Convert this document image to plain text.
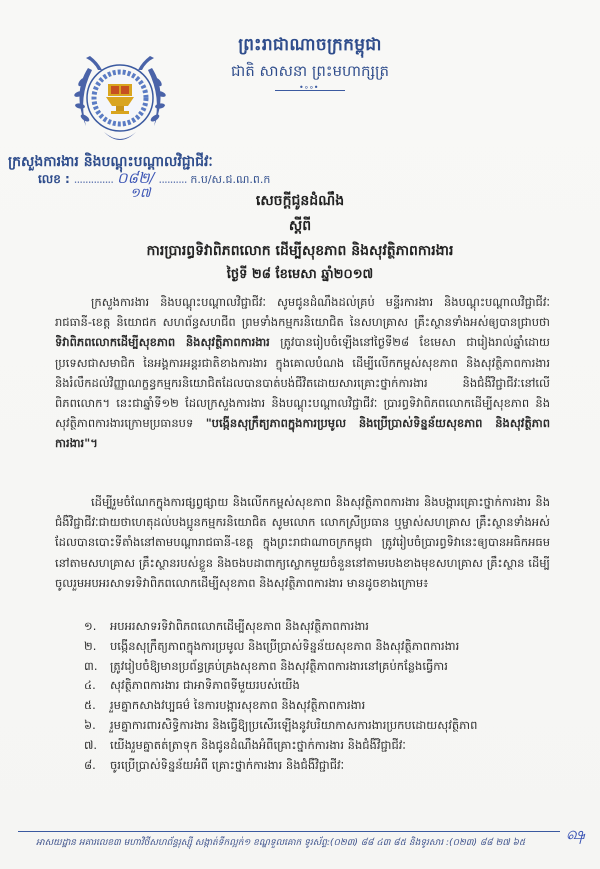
ព្រះរាជាណាចក្រកម្ពុជា
ជាតិ សាសនា ព្រះមហាក្សត្រ
•∘∘•
ក្រសួងការងារ និងបណ្តុះបណ្តាលវិជ្ជាជីវៈ
លេខ : .............. ០៨២/ .......... ក.ប/ស.ជ.ណ.ព.ក
១៧	សេចក្តីជូនដំណឹង
ស្តីពី
ការប្រារព្ធទិវាពិភពលោក ដើម្បីសុខភាព និងសុវត្ថិភាពការងារ
ថ្ងៃទី ២៨ ខែមេសា ឆ្នាំ២០១៧
ក្រសួងការងារ និងបណ្តុះបណ្តាលវិជ្ជាជីវៈ សូមជូនដំណឹងដល់គ្រប់ មន្ទីរការងារ និងបណ្តុះបណ្តាលវិជ្ជាជីវៈ រាជធានី-ខេត្ត និយោជក សហព័ន្ធសហជីព ព្រមទាំងកម្មករនិយោជិត នៃសហគ្រាស គ្រឹះស្ថានទាំងអស់ឲ្យបានជ្រាបថា ទិវាពិភពលោកដើម្បីសុខភាព និងសុវត្ថិភាពការងារ ត្រូវបានរៀបចំឡើងនៅថ្ងៃទី២៨ ខែមេសា ជារៀងរាល់ឆ្នាំដោយប្រទេសជាសមាជិក នៃអង្គការអន្តរជាតិខាងការងារ ក្នុងគោលបំណង ដើម្បីលើកកម្ពស់សុខភាព និងសុវត្ថិភាពការងារ និងរំលឹកដល់វិញ្ញាណក្ខន្ធកម្មករនិយោជិតដែលបានបាត់បង់ជីវិតដោយសារគ្រោះថ្នាក់ការងារ និងជំងឺវិជ្ជាជីវៈនៅលើពិភពលោក។ នេះជាឆ្នាំទី១២ ដែលក្រសួងការងារ និងបណ្តុះបណ្តាលវិជ្ជាជីវៈ ប្រារព្ធទិវាពិភពលោកដើម្បីសុខភាព និងសុវត្ថិភាពការងារក្រោមប្រធានបទ "បង្កើនសុក្រឹត្យភាពក្នុងការប្រមូល និងប្រើប្រាស់ទិន្នន័យសុខភាព និងសុវត្ថិភាពការងារ"។
ដើម្បីរួមចំណែកក្នុងការផ្សព្វផ្សាយ និងលើកកម្ពស់សុខភាព និងសុវត្ថិភាពការងារ និងបង្ការគ្រោះថ្នាក់ការងារ និងជំងឺវិជ្ជាជីវៈជាយថាហេតុដល់បងប្អូនកម្មករនិយោជិត សូមលោក លោកស្រីប្រធាន ឬម្ចាស់សហគ្រាស គ្រឹះស្ថានទាំងអស់ ដែលបានបោះទីតាំងនៅតាមបណ្តារាជធានី-ខេត្ត ក្នុងព្រះរាជាណាចក្រកម្ពុជា ត្រូវរៀបចំប្រារព្ធទិវានេះឲ្យបានអធិកអធមនៅតាមសហគ្រាស គ្រឹះស្ថានរបស់ខ្លួន និងចងបដាពាក្យស្លោកមួយចំនួននៅតាមរបងខាងមុខសហគ្រាស គ្រឹះស្ថាន ដើម្បីចូលរួមអបអរសាទរទិវាពិភពលោកដើម្បីសុខភាព និងសុវត្ថិភាពការងារ មានដូចខាងក្រោម៖
១.	អបអរសាទរទិវាពិភពលោកដើម្បីសុខភាព និងសុវត្ថិភាពការងារ
២.	បង្កើនសុក្រឹត្យភាពក្នុងការប្រមូល និងប្រើប្រាស់ទិន្នន័យសុខភាព និងសុវត្ថិភាពការងារ
៣.	ត្រូវរៀបចំឱ្យមានប្រព័ន្ធគ្រប់គ្រងសុខភាព និងសុវត្ថិភាពការងារនៅគ្រប់កន្លែងធ្វើការ
៤.	សុវត្ថិភាពការងារ ជាអាទិភាពទីមួយរបស់យើង
៥.	រួមគ្នាកសាងវប្បធម៌ នៃការបង្ការសុខភាព និងសុវត្ថិភាពការងារ
៦.	រួមគ្នាការពារសិទ្ធិការងារ និងធ្វើឱ្យប្រសើរឡើងនូវបរិយាកាសការងារប្រកបដោយសុវត្ថិភាព
៧.	យើងរួមគ្នាតត់ត្រាទុក និងជូនដំណឹងអំពីគ្រោះថ្នាក់ការងារ និងជំងឺវិជ្ជាជីវៈ
៨.	ចូរប្រើប្រាស់ទិន្នន័យអំពី គ្រោះថ្នាក់ការងារ និងជំងឺវិជ្ជាជីវៈ
អាសយដ្ឋាន អគារលេខ៣ មហាវិថីសហព័ន្ធរុស្ស៊ី សង្កាត់ទឹកល្អក់១ ខណ្ឌទួលគោក ទូរស័ព្ទ:(០២៣) ៨៨ ៤៣ ៨៥ និងទូរសារ :(០២៣) ៨៨ ២៧ ៦៥ ஷ
